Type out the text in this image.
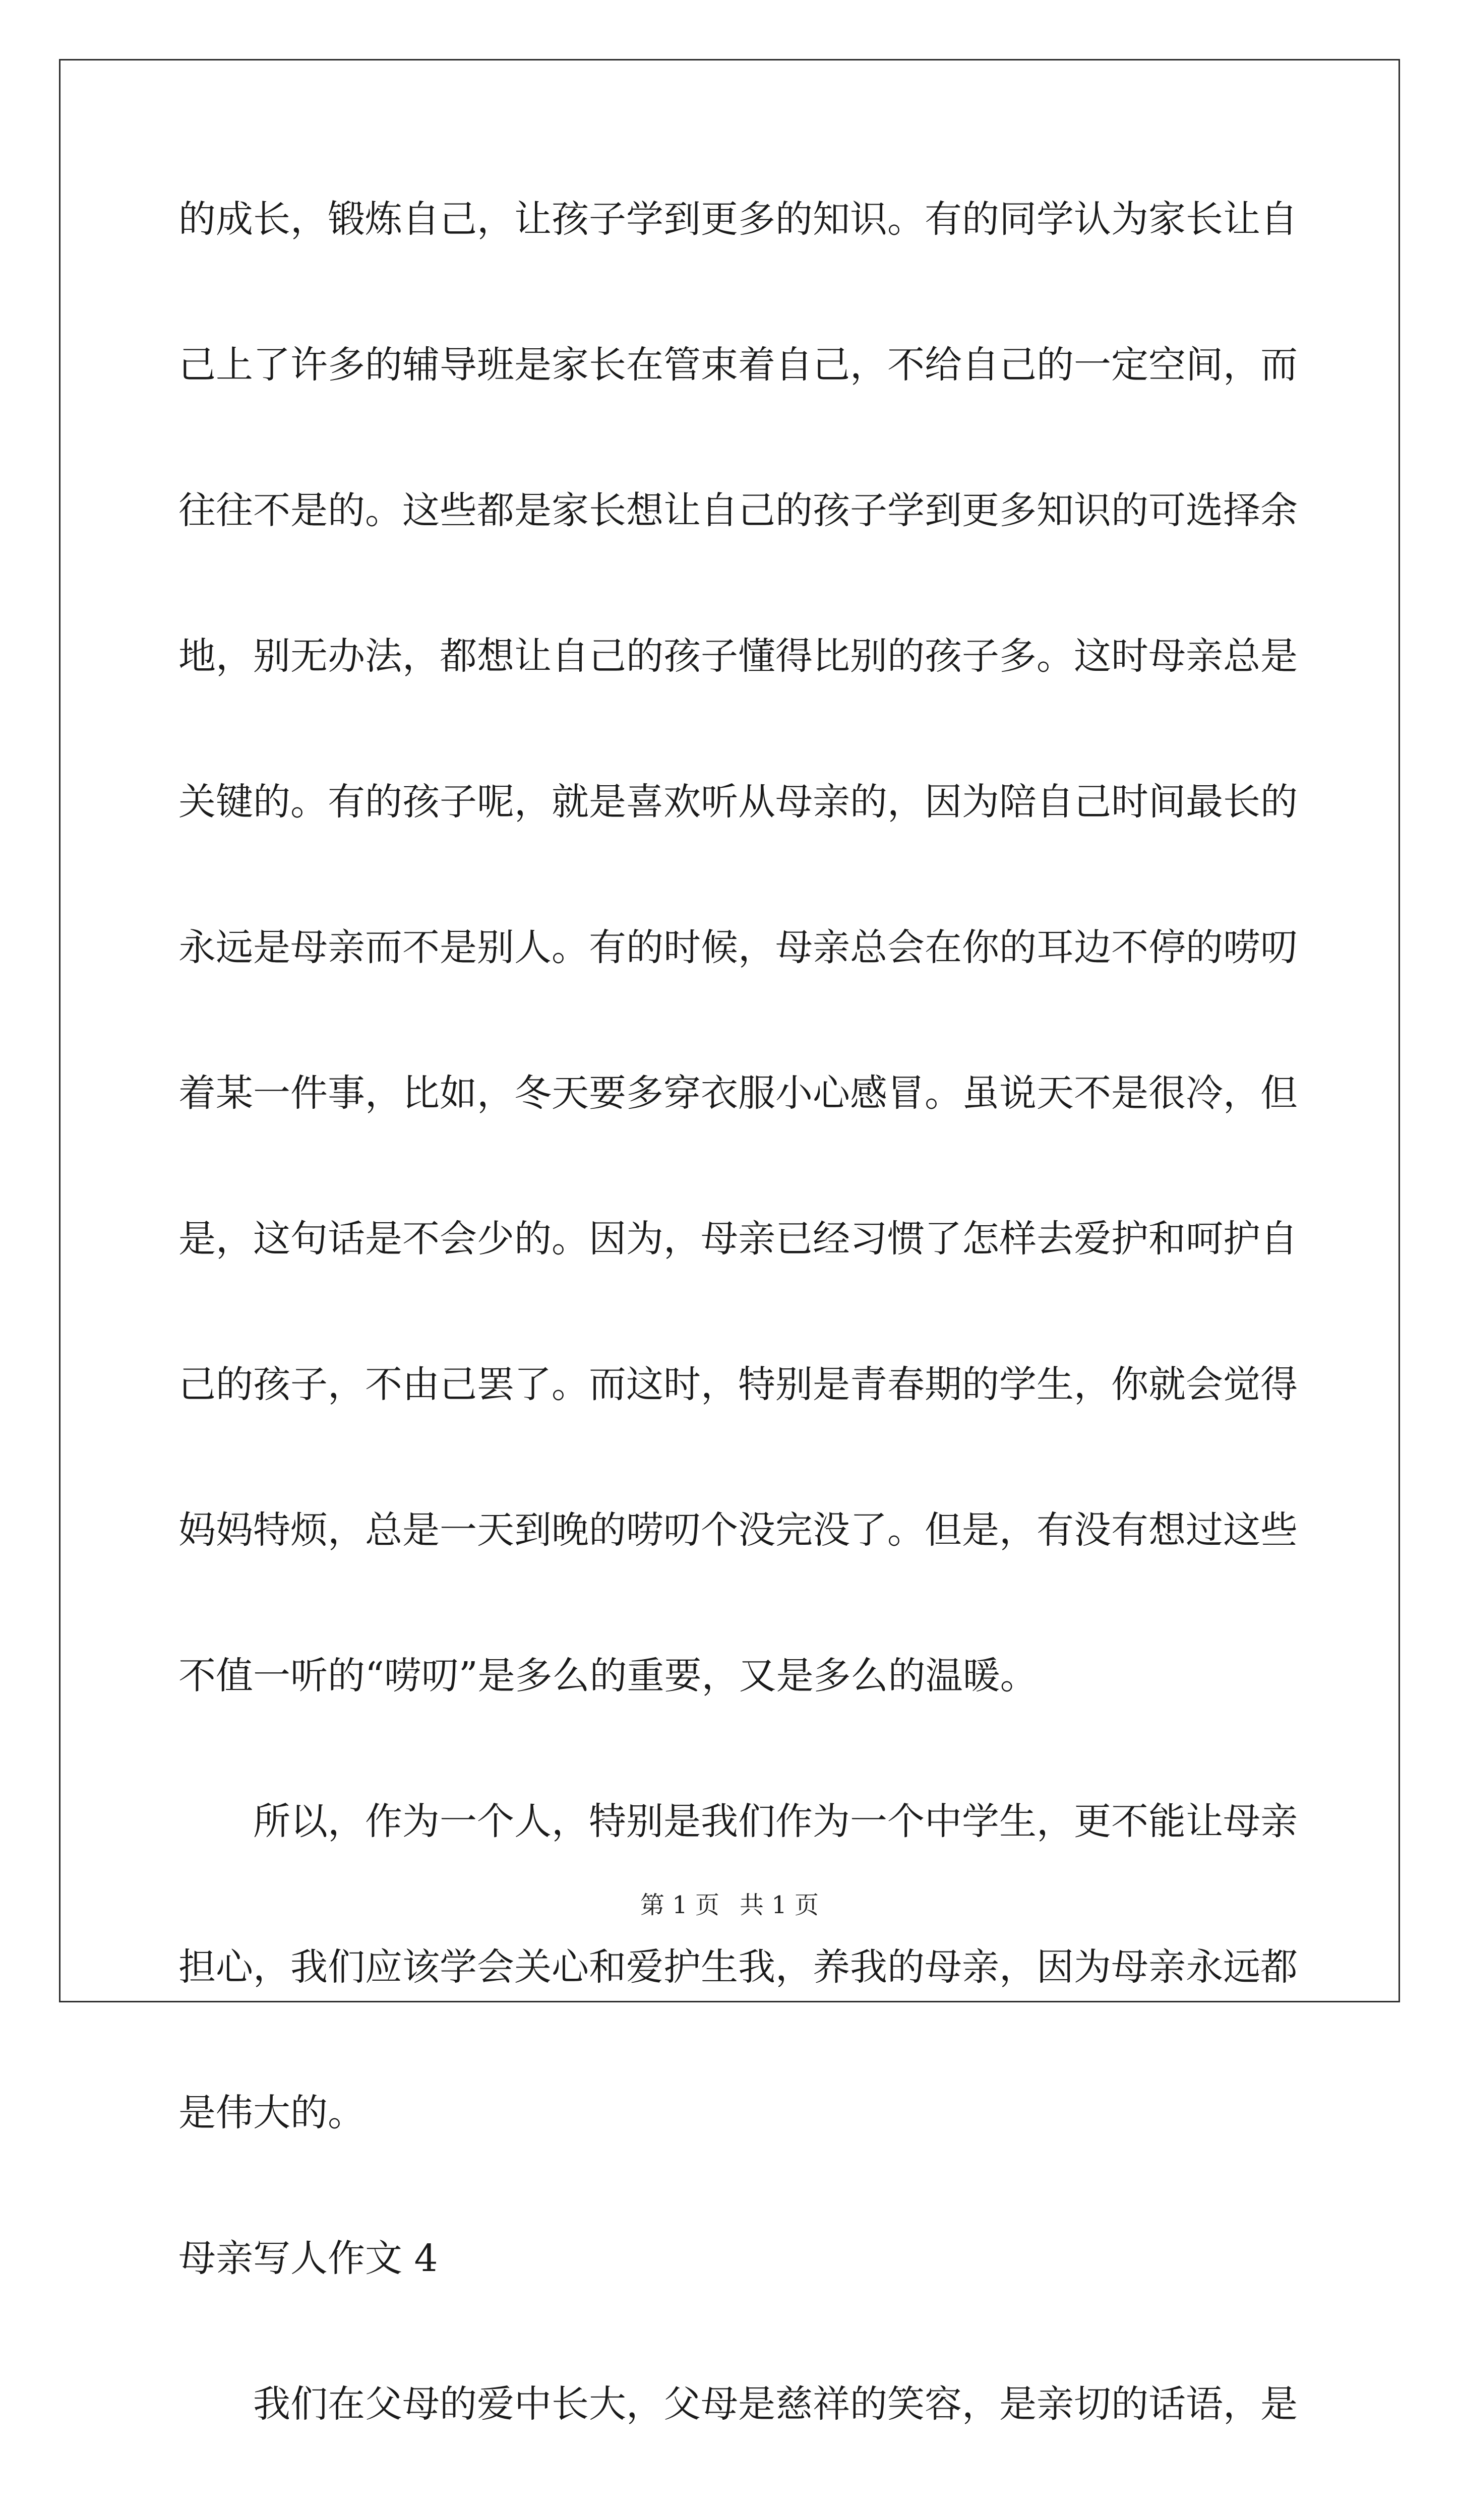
的成长，锻炼自己，让孩子学到更多的知识。有的同学认为家长让自
己上了许多的辅导班是家长在管束着自己，不给自己的一定空间，而
往往不是的。这些都是家长想让自己的孩子学到更多知识的可选择余
地，别无办法，都想让自己的孩子懂得比别的孩子多。这时母亲总是
关键的。有的孩子呢，就是喜欢听从母亲的，因为陪自己时间最长的
永远是母亲而不是别人。有的时候，母亲总会在你的耳边不停的唠叨
着某一件事，比如，冬天要多穿衣服小心感冒。虽说天不是很冷，但
是，这句话是不会少的。因为，母亲已经习惯了怎样去爱护和呵护自
己的孩子，不由己罢了。而这时，特别是青春期的学生，你就会觉得
妈妈特烦，总是一天到晚的唠叨个没完没了。但是，有没有想过这些
不值一听的“唠叨”是多么的重要，又是多么的温暖。
所以，作为一个人，特别是我们作为一个中学生，更不能让母亲
担心，我们应该学会关心和爱护生我，养我的母亲，因为母亲永远都
是伟大的。
母亲写人作文 4
我们在父母的爱中长大，父母是慈祥的笑容，是亲切的话语，是
第 1 页 共 1 页
